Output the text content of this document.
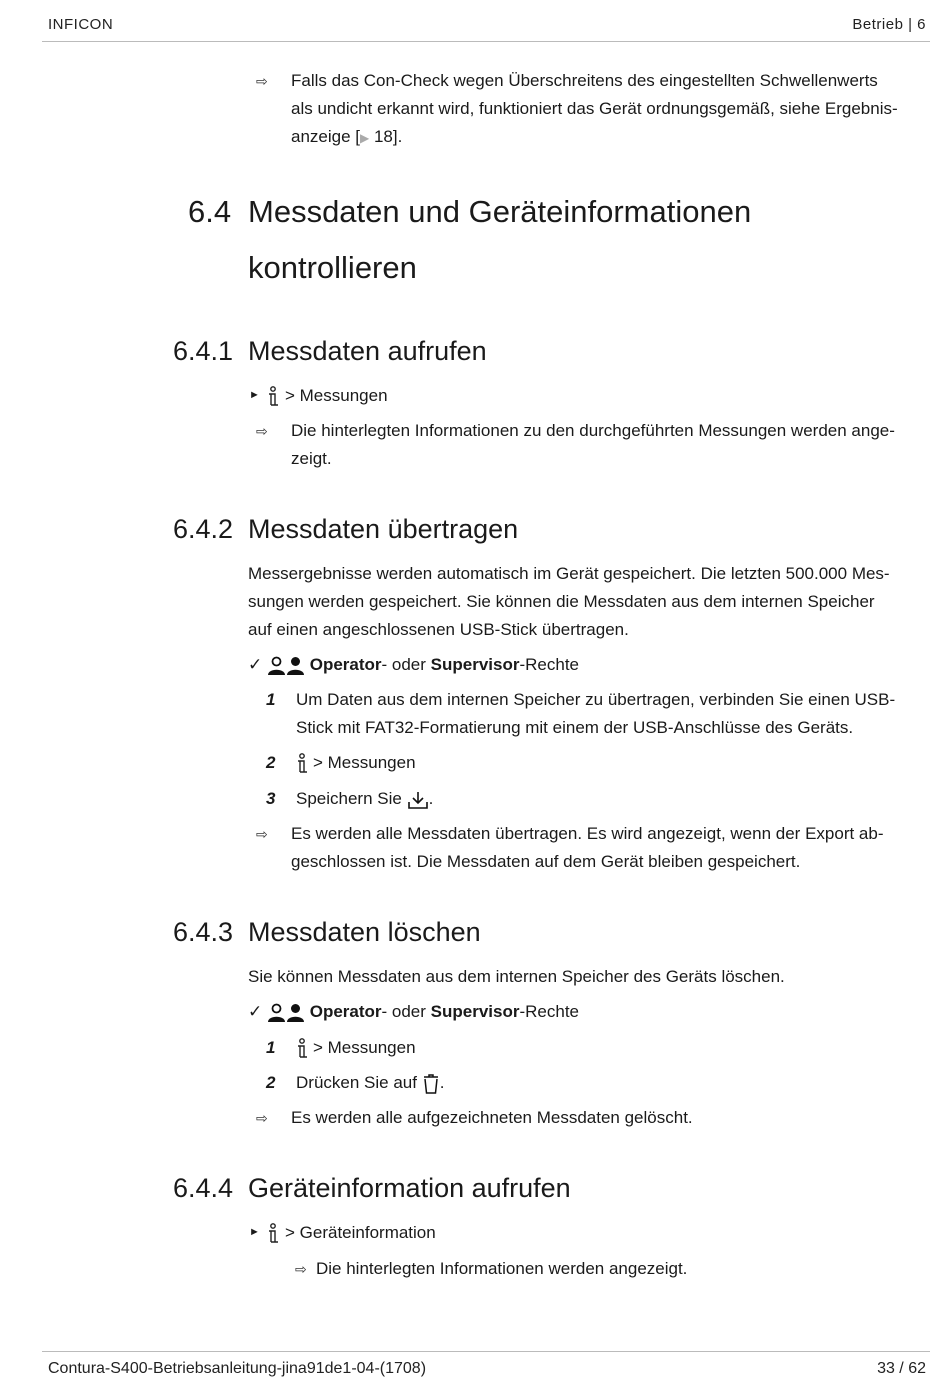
INFICON	Betrieb | 6
⇨ Falls das Con-Check wegen Überschreitens des eingestellten Schwellenwerts
als undicht erkannt wird, funktioniert das Gerät ordnungsgemäß, siehe Ergebnis-
anzeige [▶ 18].
6.4 Messdaten und Geräteinformationen
kontrollieren
6.4.1 Messdaten aufrufen
► > Messungen
⇨ Die hinterlegten Informationen zu den durchgeführten Messungen werden ange-
zeigt.
6.4.2 Messdaten übertragen
Messergebnisse werden automatisch im Gerät gespeichert. Die letzten 500.000 Mes-
sungen werden gespeichert. Sie können die Messdaten aus dem internen Speicher
auf einen angeschlossenen USB-Stick übertragen.
✓	Operator- oder Supervisor-Rechte
1 Um Daten aus dem internen Speicher zu übertragen, verbinden Sie einen USB-
Stick mit FAT32-Formatierung mit einem der USB-Anschlüsse des Geräts.
2 > Messungen
3 Speichern Sie .
⇨ Es werden alle Messdaten übertragen. Es wird angezeigt, wenn der Export ab-
geschlossen ist. Die Messdaten auf dem Gerät bleiben gespeichert.
6.4.3 Messdaten löschen
Sie können Messdaten aus dem internen Speicher des Geräts löschen.
✓	Operator- oder Supervisor-Rechte
1 > Messungen
2 Drücken Sie auf .
⇨ Es werden alle aufgezeichneten Messdaten gelöscht.
6.4.4 Geräteinformation aufrufen
► > Geräteinformation
⇨ Die hinterlegten Informationen werden angezeigt.
Contura-S400-Betriebsanleitung-jina91de1-04-(1708)	33 / 62
